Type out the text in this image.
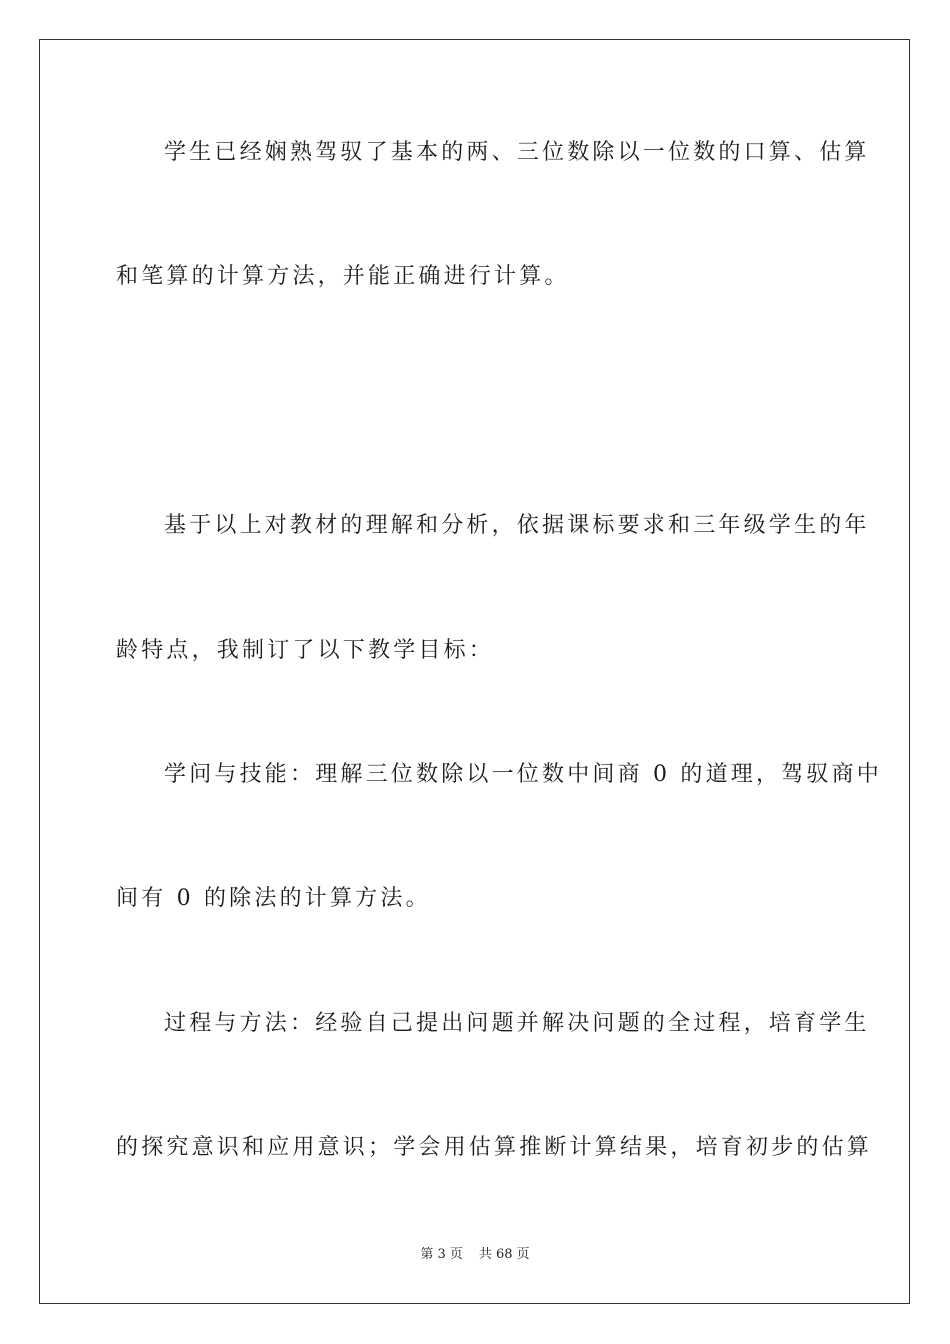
学生已经娴熟驾驭了基本的两、三位数除以一位数的口算、估算
和笔算的计算方法，并能正确进行计算。
基于以上对教材的理解和分析，依据课标要求和三年级学生的年
龄特点，我制订了以下教学目标：
学问与技能：理解三位数除以一位数中间商 0 的道理，驾驭商中
间有 0 的除法的计算方法。
过程与方法：经验自己提出问题并解决问题的全过程，培育学生
的探究意识和应用意识；学会用估算推断计算结果，培育初步的估算
第 3 页 共 68 页
